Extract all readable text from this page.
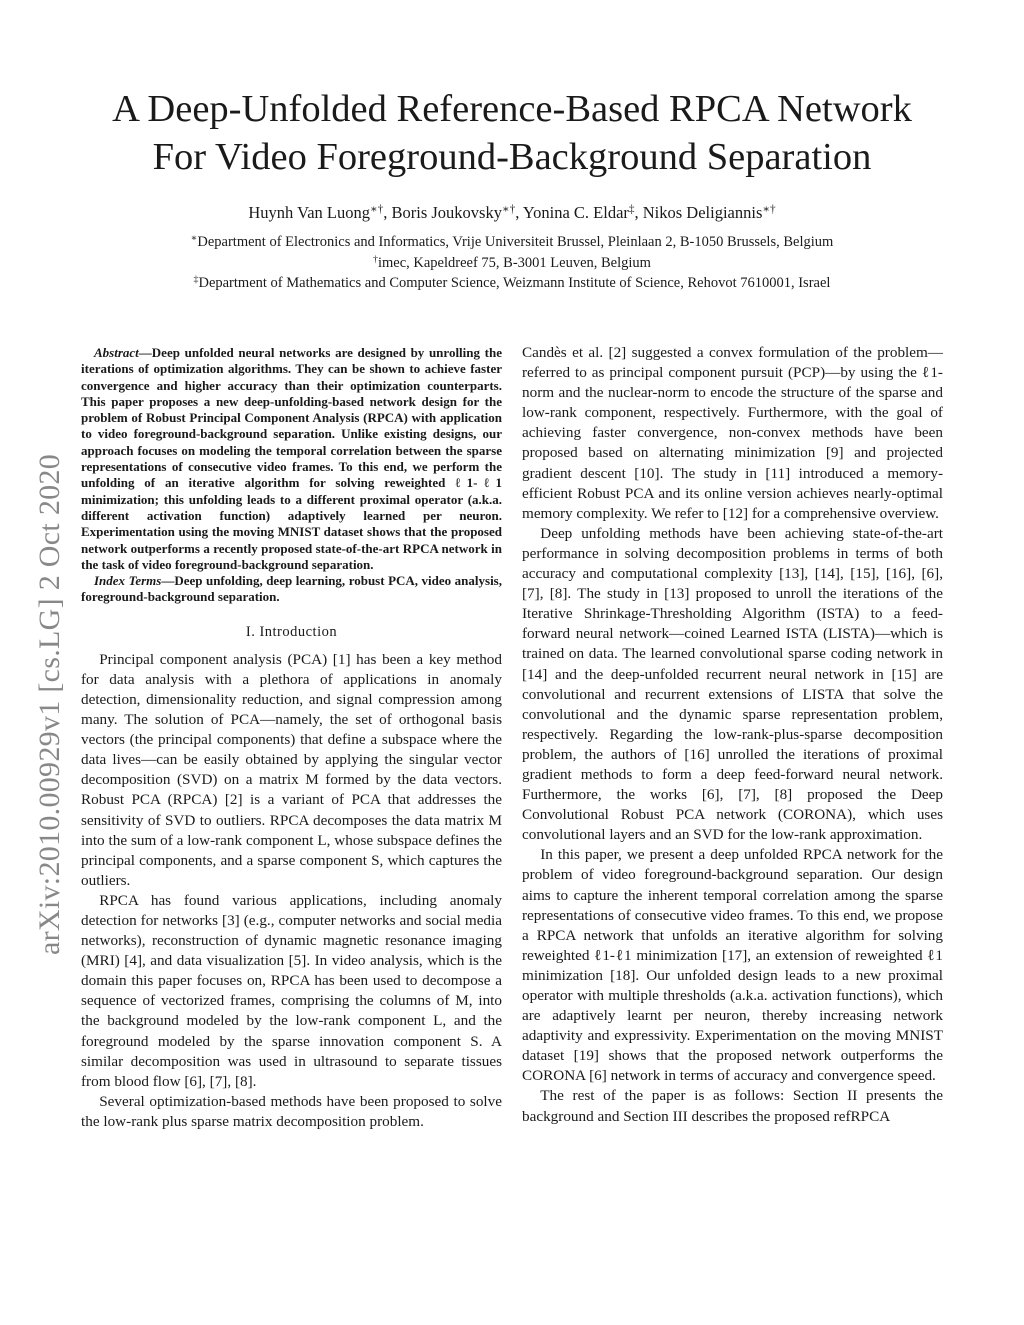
A Deep-Unfolded Reference-Based RPCA Network
For Video Foreground-Background Separation
Huynh Van Luong∗†, Boris Joukovsky∗†, Yonina C. Eldar‡, Nikos Deligiannis∗†
∗Department of Electronics and Informatics, Vrije Universiteit Brussel, Pleinlaan 2, B-1050 Brussels, Belgium
†imec, Kapeldreef 75, B-3001 Leuven, Belgium
‡Department of Mathematics and Computer Science, Weizmann Institute of Science, Rehovot 7610001, Israel
arXiv:2010.00929v1 [cs.LG] 2 Oct 2020

Abstract—Deep unfolded neural networks are designed by unrolling the iterations of optimization algorithms. They can be shown to achieve faster convergence and higher accuracy than their optimization counterparts. This paper proposes a new deep-unfolding-based network design for the problem of Robust Principal Component Analysis (RPCA) with application to video foreground-background separation. Unlike existing designs, our approach focuses on modeling the temporal correlation between the sparse representations of consecutive video frames. To this end, we perform the unfolding of an iterative algorithm for solving reweighted ℓ1-ℓ1 minimization; this unfolding leads to a different proximal operator (a.k.a. different activation function) adaptively learned per neuron. Experimentation using the moving MNIST dataset shows that the proposed network outperforms a recently proposed state-of-the-art RPCA network in the task of video foreground-background separation.

Index Terms—Deep unfolding, deep learning, robust PCA, video analysis, foreground-background separation.

I. Introduction

Principal component analysis (PCA) [1] has been a key method for data analysis with a plethora of applications in anomaly detection, dimensionality reduction, and signal compression among many. The solution of PCA—namely, the set of orthogonal basis vectors (the principal components) that define a subspace where the data lives—can be easily obtained by applying the singular vector decomposition (SVD) on a matrix M formed by the data vectors. Robust PCA (RPCA) [2] is a variant of PCA that addresses the sensitivity of SVD to outliers. RPCA decomposes the data matrix M into the sum of a low-rank component L, whose subspace defines the principal components, and a sparse component S, which captures the outliers.

RPCA has found various applications, including anomaly detection for networks [3] (e.g., computer networks and social media networks), reconstruction of dynamic magnetic resonance imaging (MRI) [4], and data visualization [5]. In video analysis, which is the domain this paper focuses on, RPCA has been used to decompose a sequence of vectorized frames, comprising the columns of M, into the background modeled by the low-rank component L, and the foreground modeled by the sparse innovation component S. A similar decomposition was used in ultrasound to separate tissues from blood flow [6], [7], [8].

Several optimization-based methods have been proposed to solve the low-rank plus sparse matrix decomposition problem.

Candès et al. [2] suggested a convex formulation of the problem—referred to as principal component pursuit (PCP)—by using the ℓ1-norm and the nuclear-norm to encode the structure of the sparse and low-rank component, respectively. Furthermore, with the goal of achieving faster convergence, non-convex methods have been proposed based on alternating minimization [9] and projected gradient descent [10]. The study in [11] introduced a memory-efficient Robust PCA and its online version achieves nearly-optimal memory complexity. We refer to [12] for a comprehensive overview.

Deep unfolding methods have been achieving state-of-the-art performance in solving decomposition problems in terms of both accuracy and computational complexity [13], [14], [15], [16], [6], [7], [8]. The study in [13] proposed to unroll the iterations of the Iterative Shrinkage-Thresholding Algorithm (ISTA) to a feed-forward neural network—coined Learned ISTA (LISTA)—which is trained on data. The learned convolutional sparse coding network in [14] and the deep-unfolded recurrent neural network in [15] are convolutional and recurrent extensions of LISTA that solve the convolutional and the dynamic sparse representation problem, respectively. Regarding the low-rank-plus-sparse decomposition problem, the authors of [16] unrolled the iterations of proximal gradient methods to form a deep feed-forward neural network. Furthermore, the works [6], [7], [8] proposed the Deep Convolutional Robust PCA network (CORONA), which uses convolutional layers and an SVD for the low-rank approximation.

In this paper, we present a deep unfolded RPCA network for the problem of video foreground-background separation. Our design aims to capture the inherent temporal correlation among the sparse representations of consecutive video frames. To this end, we propose a RPCA network that unfolds an iterative algorithm for solving reweighted ℓ1-ℓ1 minimization [17], an extension of reweighted ℓ1 minimization [18]. Our unfolded design leads to a new proximal operator with multiple thresholds (a.k.a. activation functions), which are adaptively learnt per neuron, thereby increasing network adaptivity and expressivity. Experimentation on the moving MNIST dataset [19] shows that the proposed network outperforms the CORONA [6] network in terms of accuracy and convergence speed.

The rest of the paper is as follows: Section II presents the background and Section III describes the proposed refRPCA
